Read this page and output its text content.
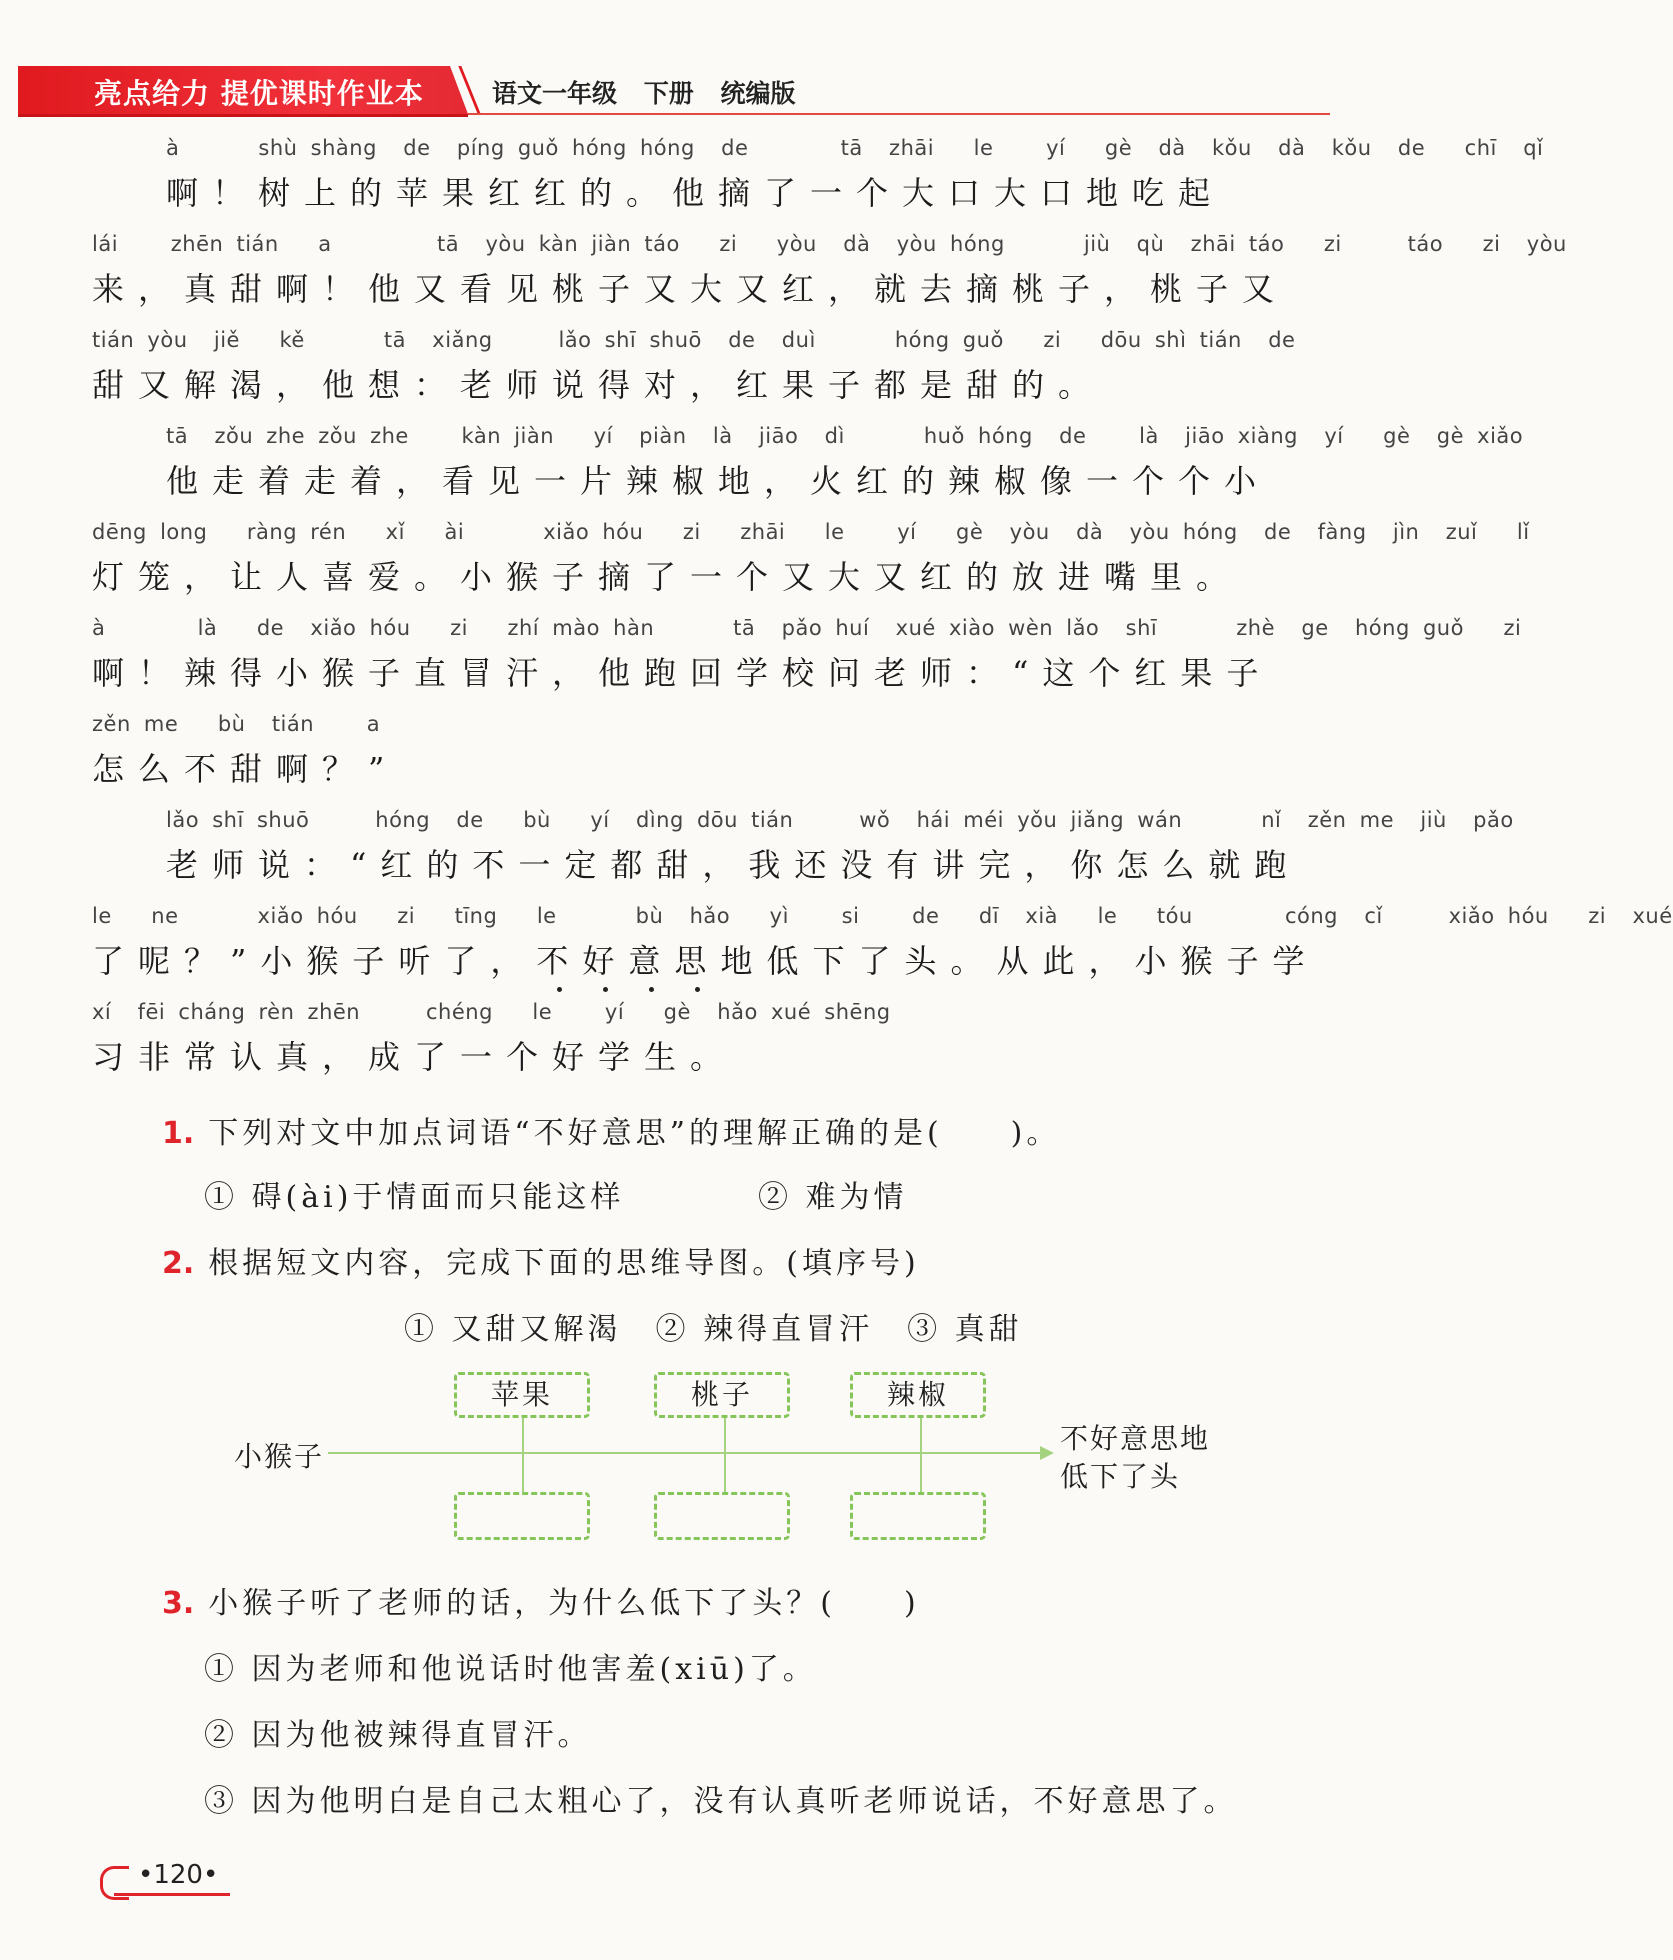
亮点给力 提优课时作业本	语文一年级 下册 统编版
à      shù shàng  de  píng guǒ hóng hóng  de       tā  zhāi   le    yí   gè  dà  kǒu  dà  kǒu  de   chī  qǐ
啊！树上的苹果红红的。他摘了一个大口大口地吃起
lái    zhēn tián   a        tā  yòu kàn jiàn táo   zi   yòu  dà  yòu hóng      jiù  qù  zhāi táo   zi     táo   zi  yòu
来，真甜啊！他又看见桃子又大又红，就去摘桃子，桃子又
tián yòu  jiě   kě      tā  xiǎng     lǎo shī shuō  de  duì      hóng guǒ   zi   dōu shì tián  de
甜又解渴，他想：老师说得对，红果子都是甜的。
tā  zǒu zhe zǒu zhe    kàn jiàn   yí  piàn  là  jiāo  dì      huǒ hóng  de    là  jiāo xiàng  yí   gè  gè xiǎo
他走着走着，看见一片辣椒地，火红的辣椒像一个个小
dēng long   ràng rén   xǐ   ài      xiǎo hóu   zi   zhāi   le    yí   gè  yòu  dà  yòu hóng  de  fàng  jìn  zuǐ   lǐ
灯笼，让人喜爱。小猴子摘了一个又大又红的放进嘴里。
à       là   de  xiǎo hóu   zi   zhí mào hàn      tā  pǎo huí  xué xiào wèn lǎo  shī      zhè  ge  hóng guǒ   zi
啊！辣得小猴子直冒汗，他跑回学校问老师：“这个红果子
zěn me   bù  tián    a
怎么不甜啊？”
lǎo shī shuō     hóng  de   bù   yí  dìng dōu tián     wǒ  hái méi yǒu jiǎng wán      nǐ  zěn me  jiù  pǎo
老师说：“红的不一定都甜，我还没有讲完，你怎么就跑
le   ne      xiǎo hóu   zi   tīng   le      bù  hǎo   yì    si    de   dī  xià   le   tóu       cóng  cǐ     xiǎo hóu   zi  xué
了呢？”小猴子听了，不好意思地低下了头。从此，小猴子学
xí  fēi cháng rèn zhēn     chéng   le    yí   gè  hǎo xué shēng
习非常认真，成了一个好学生。
1. 下列对文中加点词语“不好意思”的理解正确的是(　　)。
① 碍(ài)于情面而只能这样	② 难为情
2. 根据短文内容，完成下面的思维导图。(填序号)
① 又甜又解渴　② 辣得直冒汗　③ 真甜
苹果	桃子	辣椒
小猴子
不好意思地
低下了头
3. 小猴子听了老师的话，为什么低下了头？(　　)
① 因为老师和他说话时他害羞(xiū)了。
② 因为他被辣得直冒汗。
③ 因为他明白是自己太粗心了，没有认真听老师说话，不好意思了。
•120•
